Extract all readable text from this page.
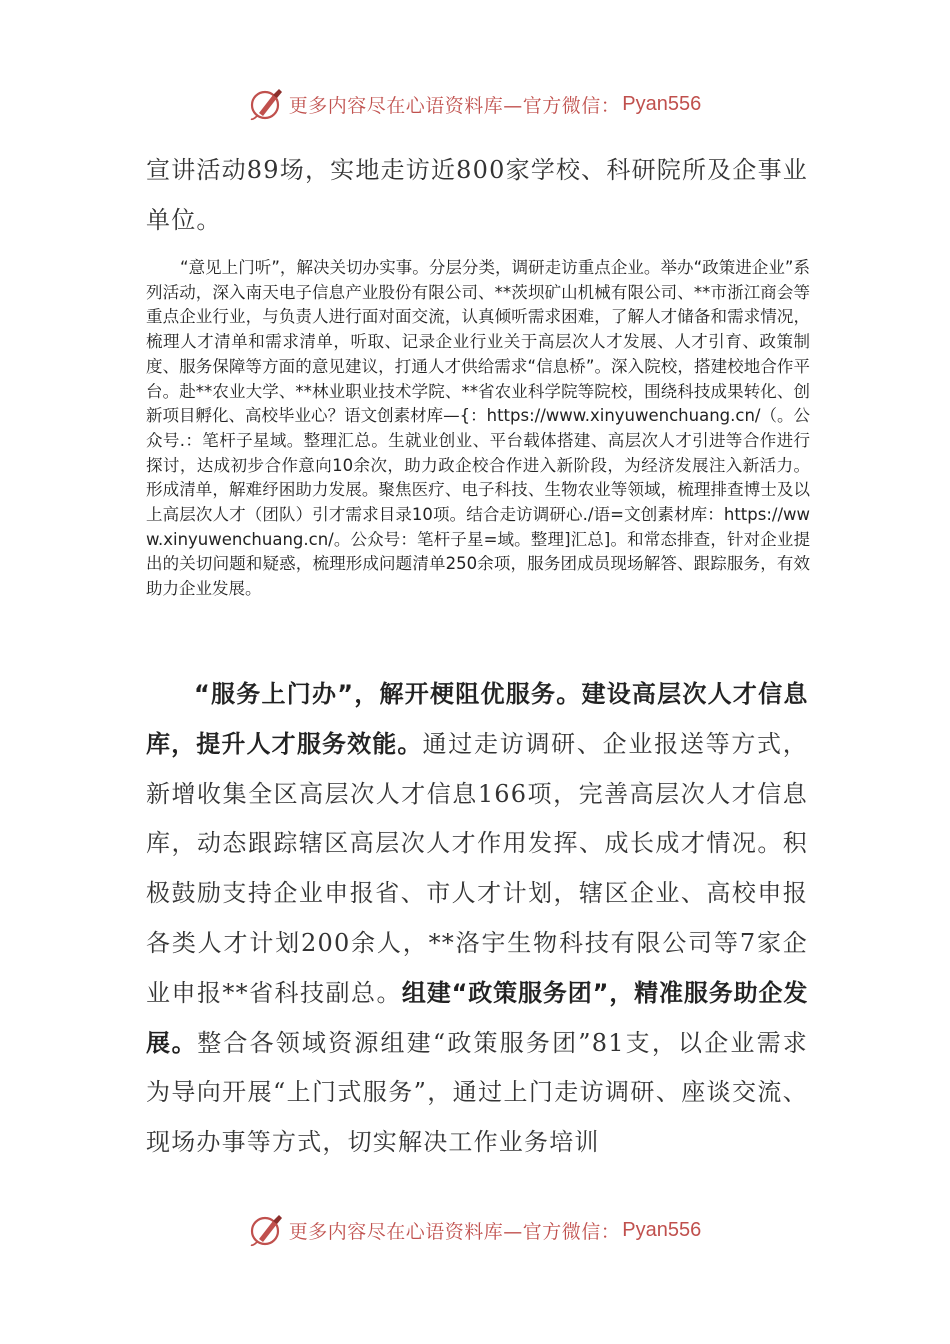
更多内容尽在心语资料库—官方微信： Pyan556

宣讲活动89场，实地走访近800家学校、科研院所及企事业单位。

“意见上门听”，解决关切办实事。分层分类，调研走访重点企业。举办“政策进企业”系列活动，深入南天电子信息产业股份有限公司、**茨坝矿山机械有限公司、**市浙江商会等重点企业行业，与负责人进行面对面交流，认真倾听需求困难，了解人才储备和需求情况，梳理人才清单和需求清单，听取、记录企业行业关于高层次人才发展、人才引育、政策制度、服务保障等方面的意见建议，打通人才供给需求“信息桥”。深入院校，搭建校地合作平台。赴**农业大学、**林业职业技术学院、**省农业科学院等院校，围绕科技成果转化、创新项目孵化、高校毕业心？语文创素材库—{：https://www.xinyuwenchuang.cn/（。公众号.：笔杆子星域。整理汇总。生就业创业、平台载体搭建、高层次人才引进等合作进行探讨，达成初步合作意向10余次，助力政企校合作进入新阶段，为经济发展注入新活力。形成清单，解难纾困助力发展。聚焦医疗、电子科技、生物农业等领域，梳理排查博士及以上高层次人才（团队）引才需求目录10项。结合走访调研心./语=文创素材库：https://www.xinyuwenchuang.cn/。公众号：笔杆子星=域。整理]汇总]。和常态排查，针对企业提出的关切问题和疑惑，梳理形成问题清单250余项，服务团成员现场解答、跟踪服务，有效助力企业发展。

“服务上门办”，解开梗阻优服务。建设高层次人才信息库，提升人才服务效能。通过走访调研、企业报送等方式，新增收集全区高层次人才信息166项，完善高层次人才信息库，动态跟踪辖区高层次人才作用发挥、成长成才情况。积极鼓励支持企业申报省、市人才计划，辖区企业、高校申报各类人才计划200余人，**洛宇生物科技有限公司等7家企业申报**省科技副总。组建“政策服务团”，精准服务助企发展。整合各领域资源组建“政策服务团”81支，以企业需求为导向开展“上门式服务”，通过上门走访调研、座谈交流、现场办事等方式，切实解决工作业务培训

更多内容尽在心语资料库—官方微信： Pyan556
